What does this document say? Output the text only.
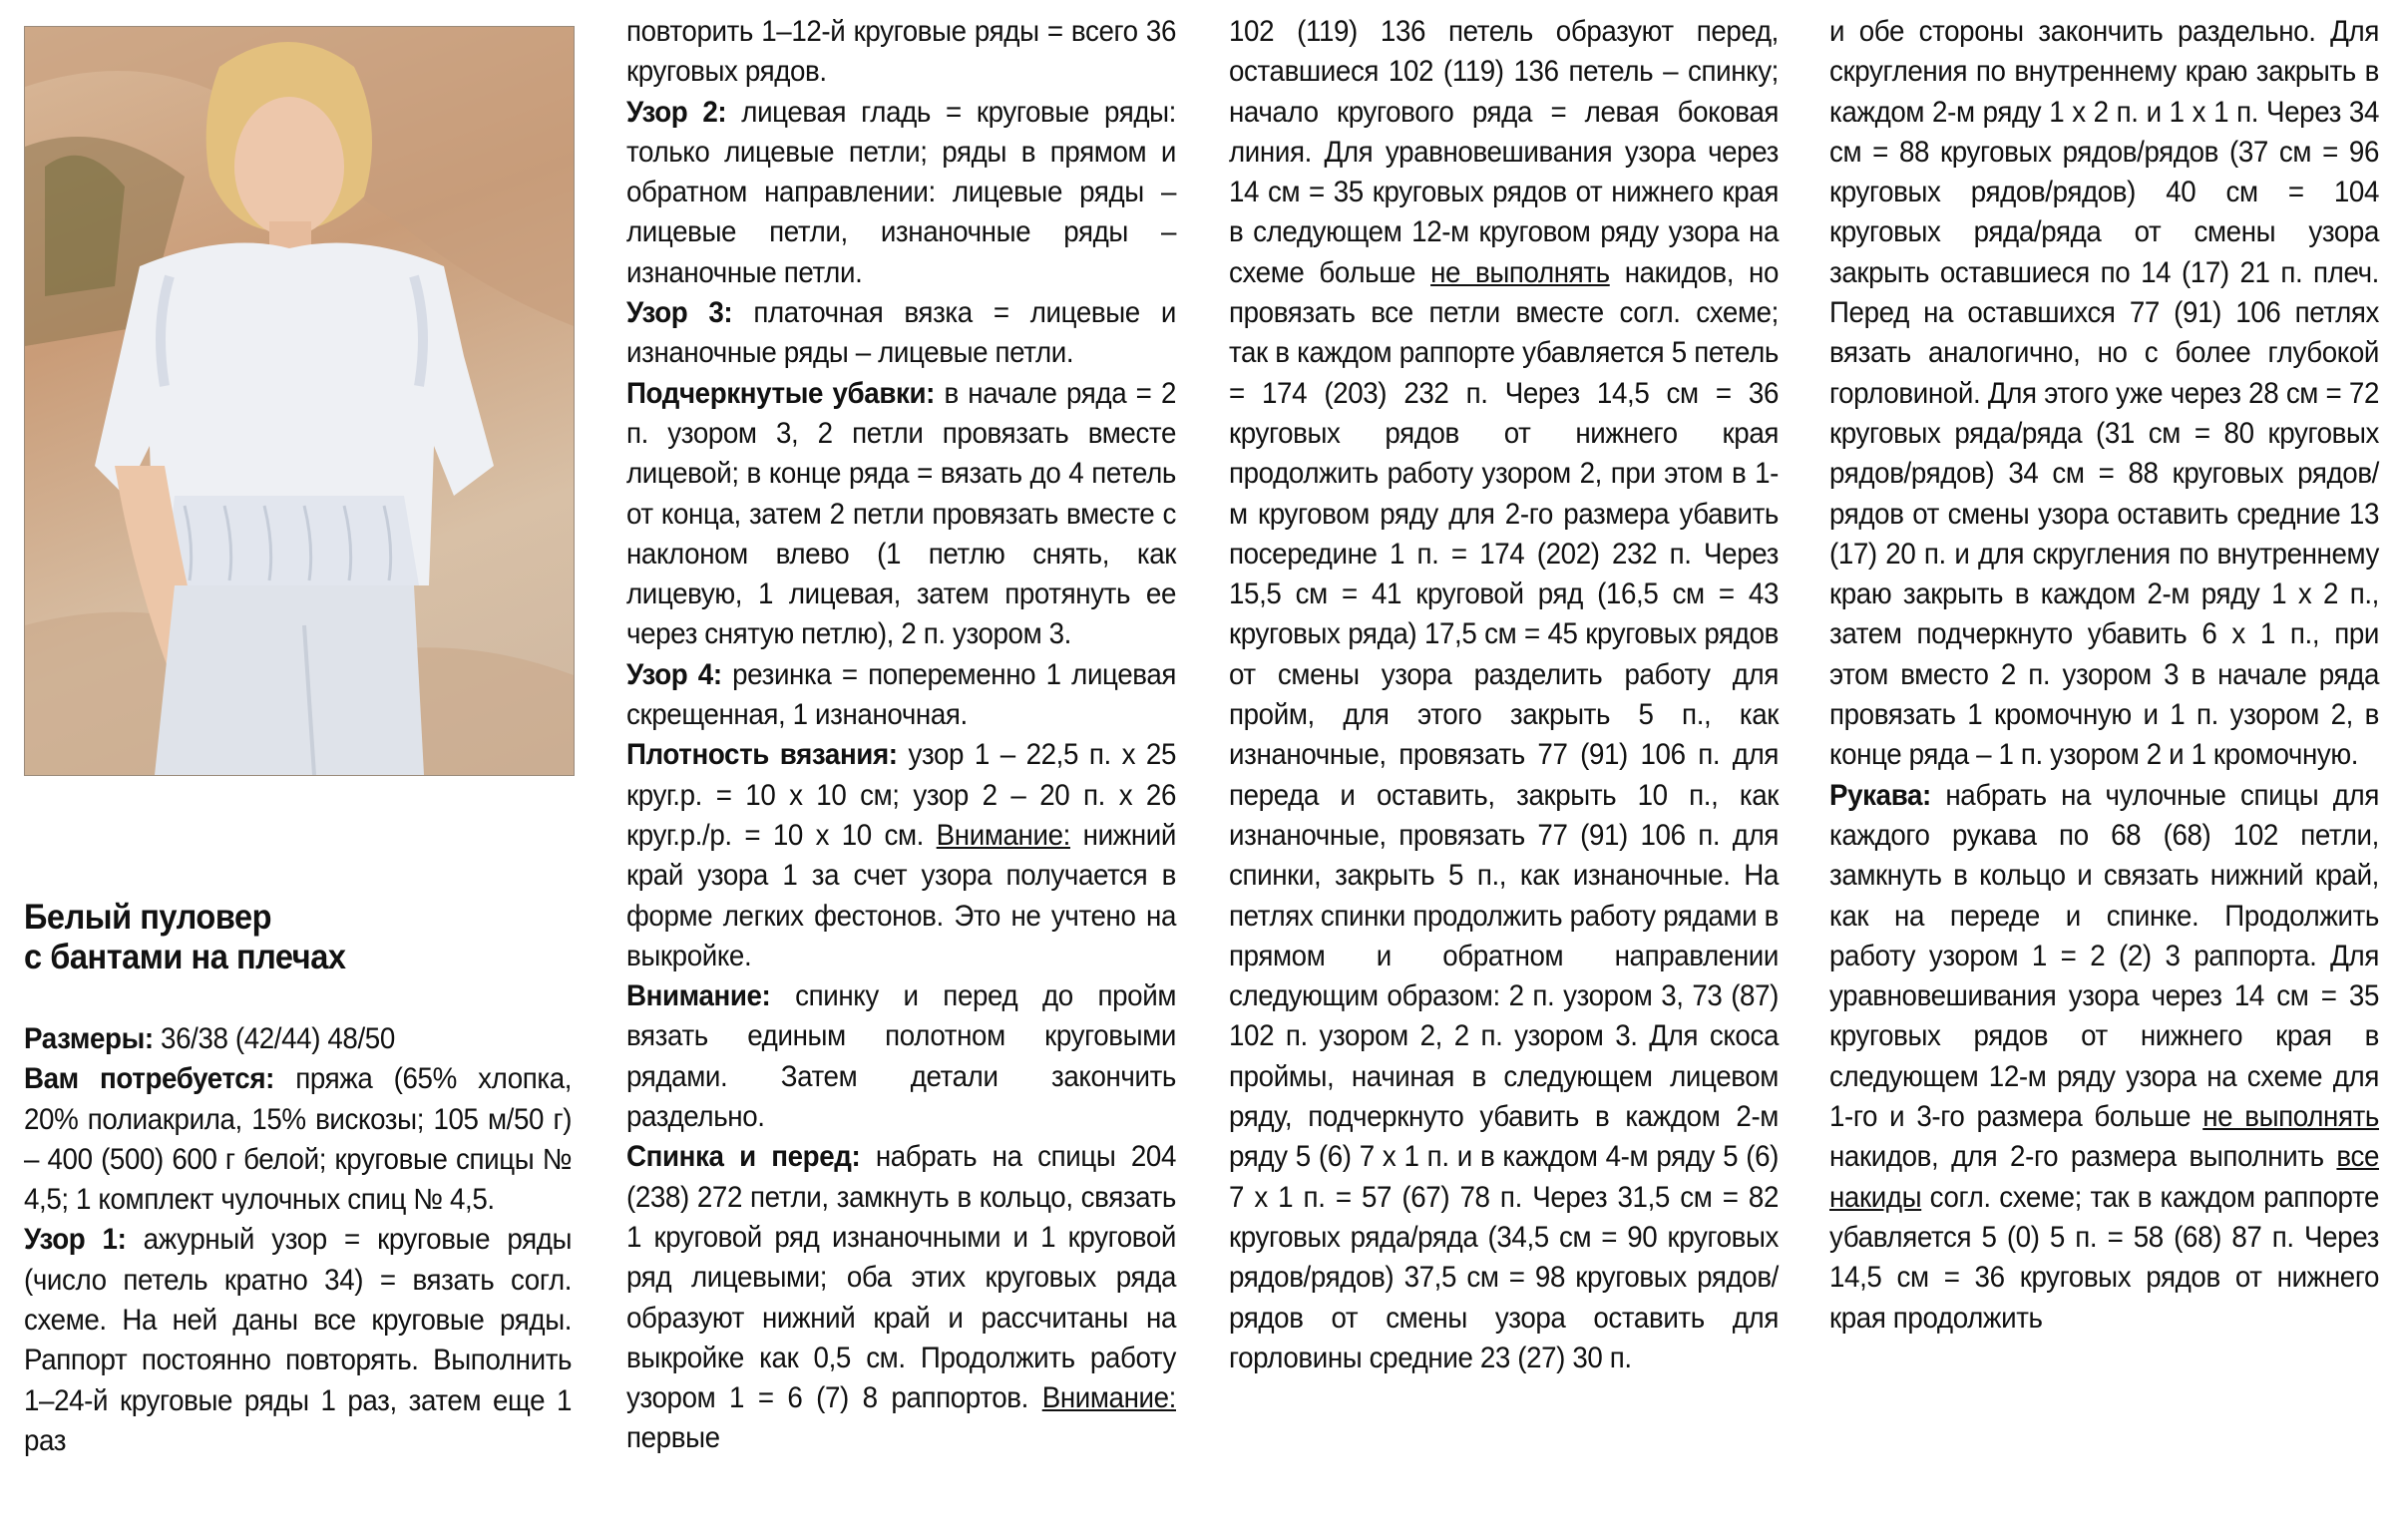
Белый пуловер
с бантами на плечах

Размеры: 36/38 (42/44) 48/50

Вам потребуется: пряжа (65% хлопка, 20% полиакрила, 15% вискозы; 105 м/50 г) – 400 (500) 600 г белой; круговые спицы № 4,5; 1 комплект чулочных спиц № 4,5.

Узор 1: ажурный узор = круговые ряды (число петель кратно 34) = вязать согл. схеме. На ней даны все круговые ряды. Раппорт постоянно повторять. Выполнить 1–24-й круговые ряды 1 раз, затем еще 1 раз

повторить 1–12-й круговые ряды = всего 36 круговых рядов.

Узор 2: лицевая гладь = круговые ряды: только лицевые петли; ряды в прямом и обратном направлении: лицевые ряды – лицевые петли, изнаночные ряды – изнаночные петли.

Узор 3: платочная вязка = лицевые и изнаночные ряды – лицевые петли.

Подчеркнутые убавки: в начале ряда = 2 п. узором 3, 2 петли провязать вместе лицевой; в конце ряда = вязать до 4 петель от конца, затем 2 петли провязать вместе с наклоном влево (1 петлю снять, как лицевую, 1 лицевая, затем протянуть ее через снятую петлю), 2 п. узором 3.

Узор 4: резинка = попеременно 1 лицевая скрещенная, 1 изнаночная.

Плотность вязания: узор 1 – 22,5 п. х 25 круг.р. = 10 х 10 см; узор 2 – 20 п. х 26 круг.р./р. = 10 х 10 см. Внимание: нижний край узора 1 за счет узора получается в форме легких фестонов. Это не учтено на выкройке.

Внимание: спинку и перед до пройм вязать единым полотном круговыми рядами. Затем детали закончить раздельно.

Спинка и перед: набрать на спицы 204 (238) 272 петли, замкнуть в кольцо, связать 1 круговой ряд изнаночными и 1 круговой ряд лицевыми; оба этих круговых ряда образуют нижний край и рассчитаны на выкройке как 0,5 см. Продолжить работу узором 1 = 6 (7) 8 раппортов. Внимание: первые

102 (119) 136 петель образуют перед, оставшиеся 102 (119) 136 петель – спинку; начало кругового ряда = левая боковая линия. Для уравновешивания узора через 14 см = 35 круговых рядов от нижнего края в следующем 12-м круговом ряду узора на схеме больше не выполнять накидов, но провязать все петли вместе согл. схеме; так в каждом раппорте убавляется 5 петель = 174 (203) 232 п. Через 14,5 см = 36 круговых рядов от нижнего края продолжить работу узором 2, при этом в 1-м круговом ряду для 2-го размера убавить посередине 1 п. = 174 (202) 232 п. Через 15,5 см = 41 круговой ряд (16,5 см = 43 круговых ряда) 17,5 см = 45 круговых рядов от смены узора разделить работу для пройм, для этого закрыть 5 п., как изнаночные, провязать 77 (91) 106 п. для переда и оставить, закрыть 10 п., как изнаночные, провязать 77 (91) 106 п. для спинки, закрыть 5 п., как изнаночные. На петлях спинки продолжить работу рядами в прямом и обратном направлении следующим образом: 2 п. узором 3, 73 (87) 102 п. узором 2, 2 п. узором 3. Для скоса проймы, начиная в следующем лицевом ряду, подчеркнуто убавить в каждом 2-м ряду 5 (6) 7 х 1 п. и в каждом 4-м ряду 5 (6) 7 х 1 п. = 57 (67) 78 п. Через 31,5 см = 82 круговых ряда/ряда (34,5 см = 90 круговых рядов/рядов) 37,5 см = 98 круговых рядов/рядов от смены узора оставить для горловины средние 23 (27) 30 п.

и обе стороны закончить раздельно. Для скругления по внутреннему краю закрыть в каждом 2-м ряду 1 х 2 п. и 1 х 1 п. Через 34 см = 88 круговых рядов/рядов (37 см = 96 круговых рядов/рядов) 40 см = 104 круговых ряда/ряда от смены узора закрыть оставшиеся по 14 (17) 21 п. плеч. Перед на оставшихся 77 (91) 106 петлях вязать аналогично, но с более глубокой горловиной. Для этого уже через 28 см = 72 круговых ряда/ряда (31 см = 80 круговых рядов/рядов) 34 см = 88 круговых рядов/рядов от смены узора оставить средние 13 (17) 20 п. и для скругления по внутреннему краю закрыть в каждом 2-м ряду 1 х 2 п., затем подчеркнуто убавить 6 х 1 п., при этом вместо 2 п. узором 3 в начале ряда провязать 1 кромочную и 1 п. узором 2, в конце ряда – 1 п. узором 2 и 1 кромочную.

Рукава: набрать на чулочные спицы для каждого рукава по 68 (68) 102 петли, замкнуть в кольцо и связать нижний край, как на переде и спинке. Продолжить работу узором 1 = 2 (2) 3 раппорта. Для уравновешивания узора через 14 см = 35 круговых рядов от нижнего края в следующем 12-м ряду узора на схеме для 1-го и 3-го размера больше не выполнять накидов, для 2-го размера выполнить все накиды согл. схеме; так в каждом раппорте убавляется 5 (0) 5 п. = 58 (68) 87 п. Через 14,5 см = 36 круговых рядов от нижнего края продолжить
